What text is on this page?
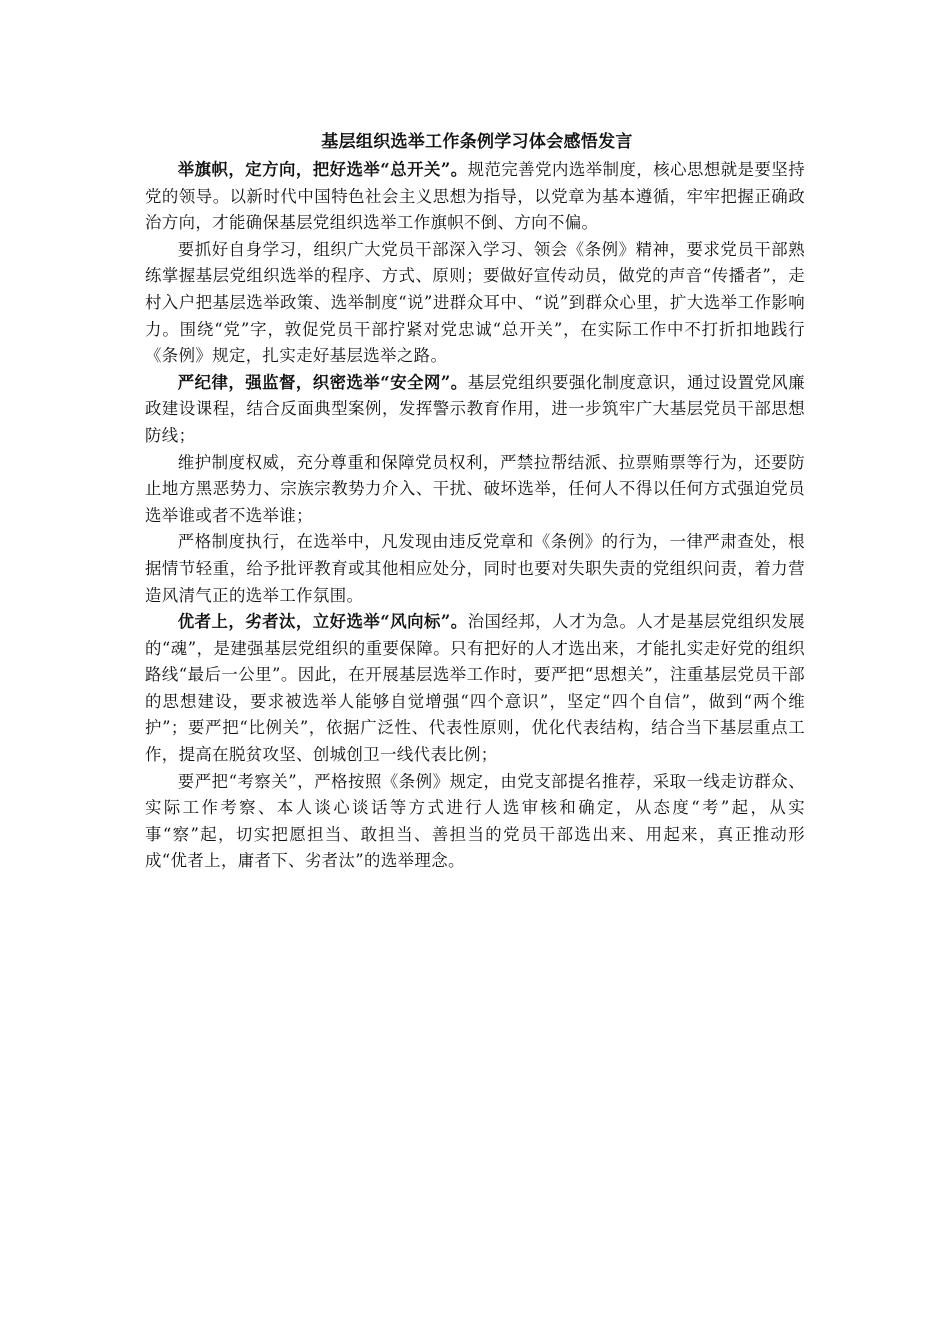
基层组织选举工作条例学习体会感悟发言

举旗帜，定方向，把好选举“总开关”。规范完善党内选举制度，核心思想就是要坚持党的领导。以新时代中国特色社会主义思想为指导，以党章为基本遵循，牢牢把握正确政治方向，才能确保基层党组织选举工作旗帜不倒、方向不偏。

要抓好自身学习，组织广大党员干部深入学习、领会《条例》精神，要求党员干部熟练掌握基层党组织选举的程序、方式、原则；要做好宣传动员，做党的声音“传播者”，走村入户把基层选举政策、选举制度“说”进群众耳中、“说”到群众心里，扩大选举工作影响力。围绕“党”字，敦促党员干部拧紧对党忠诚“总开关”，在实际工作中不打折扣地践行《条例》规定，扎实走好基层选举之路。

严纪律，强监督，织密选举“安全网”。基层党组织要强化制度意识，通过设置党风廉政建设课程，结合反面典型案例，发挥警示教育作用，进一步筑牢广大基层党员干部思想防线；

维护制度权威，充分尊重和保障党员权利，严禁拉帮结派、拉票贿票等行为，还要防止地方黑恶势力、宗族宗教势力介入、干扰、破坏选举，任何人不得以任何方式强迫党员选举谁或者不选举谁；

严格制度执行，在选举中，凡发现由违反党章和《条例》的行为，一律严肃查处，根据情节轻重，给予批评教育或其他相应处分，同时也要对失职失责的党组织问责，着力营造风清气正的选举工作氛围。

优者上，劣者汰，立好选举“风向标”。治国经邦，人才为急。人才是基层党组织发展的“魂”，是建强基层党组织的重要保障。只有把好的人才选出来，才能扎实走好党的组织路线“最后一公里”。因此，在开展基层选举工作时，要严把“思想关”，注重基层党员干部的思想建设，要求被选举人能够自觉增强“四个意识”，坚定“四个自信”，做到“两个维护”；要严把“比例关”，依据广泛性、代表性原则，优化代表结构，结合当下基层重点工作，提高在脱贫攻坚、创城创卫一线代表比例；

要严把“考察关”，严格按照《条例》规定，由党支部提名推荐，采取一线走访群众、实际工作考察、本人谈心谈话等方式进行人选审核和确定，从态度“考”起，从实事“察”起，切实把愿担当、敢担当、善担当的党员干部选出来、用起来，真正推动形成“优者上，庸者下、劣者汰”的选举理念。
